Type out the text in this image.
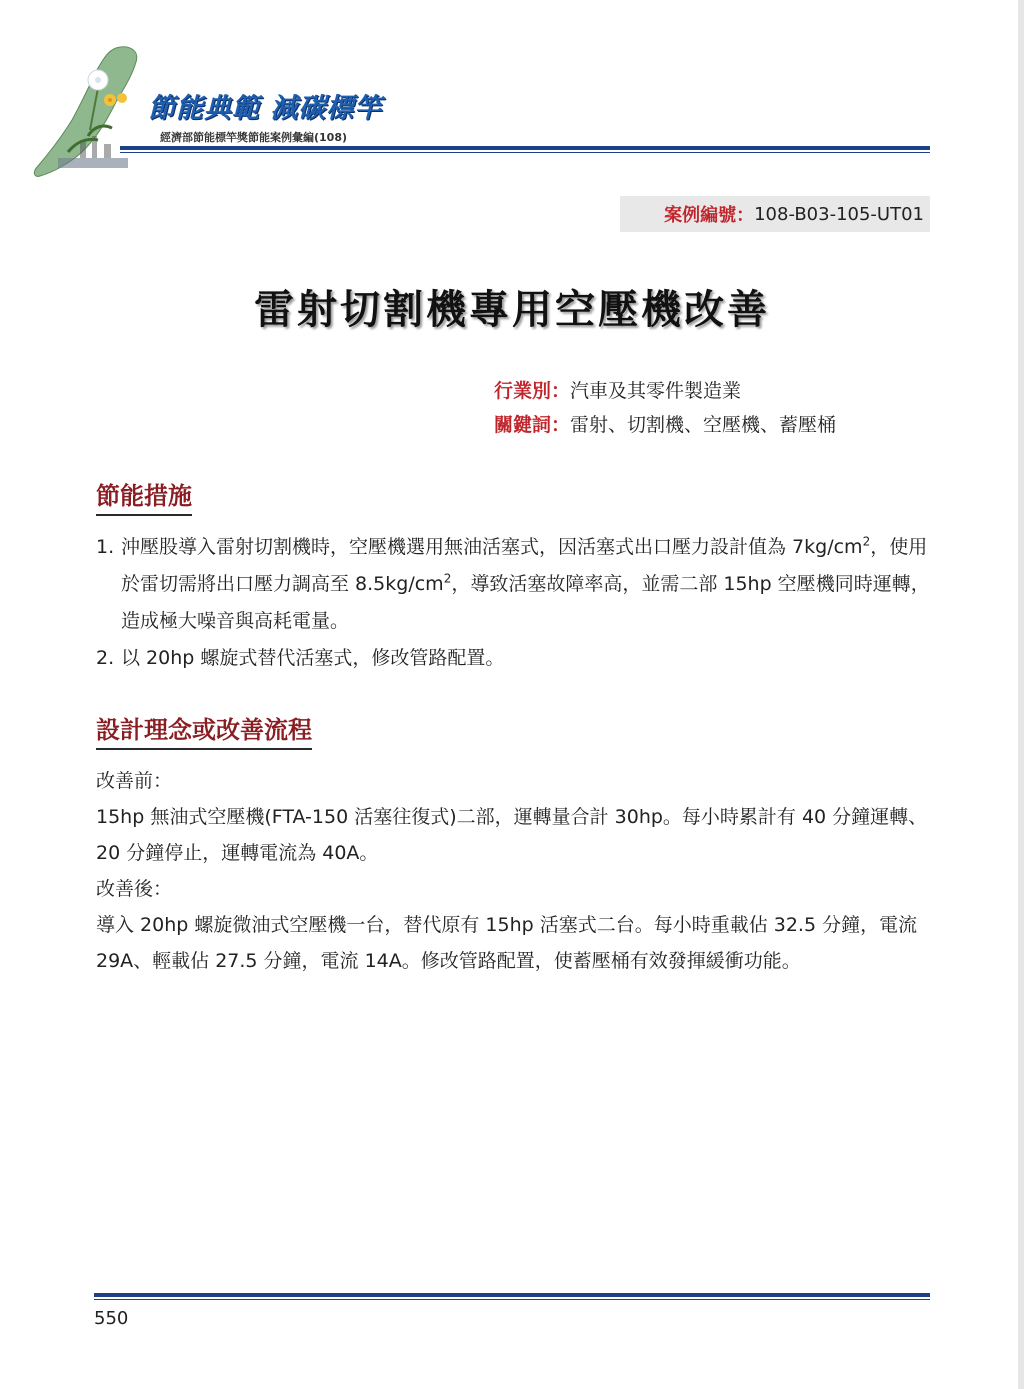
節能典範 減碳標竿
經濟部節能標竿獎節能案例彙編(108)
案例編號： 108-B03-105-UT01
雷射切割機專用空壓機改善
行業別：汽車及其零件製造業
關鍵詞：雷射、切割機、空壓機、蓄壓桶
節能措施
1. 沖壓股導入雷射切割機時，空壓機選用無油活塞式，因活塞式出口壓力設計值為 $7kg/cm^2$，使用於雷切需將出口壓力調高至 $8.5kg/cm^2$，導致活塞故障率高，並需二部 15hp 空壓機同時運轉，造成極大噪音與高耗電量。
2. 以 20hp 螺旋式替代活塞式，修改管路配置。
設計理念或改善流程

改善前：

15hp 無油式空壓機(FTA-150 活塞往復式)二部，運轉量合計 30hp。每小時累計有 40 分鐘運轉、20 分鐘停止，運轉電流為 40A。

改善後：

導入 20hp 螺旋微油式空壓機一台，替代原有 15hp 活塞式二台。每小時重載佔 32.5 分鐘，電流 29A、輕載佔 27.5 分鐘，電流 14A。修改管路配置，使蓄壓桶有效發揮緩衝功能。

550
